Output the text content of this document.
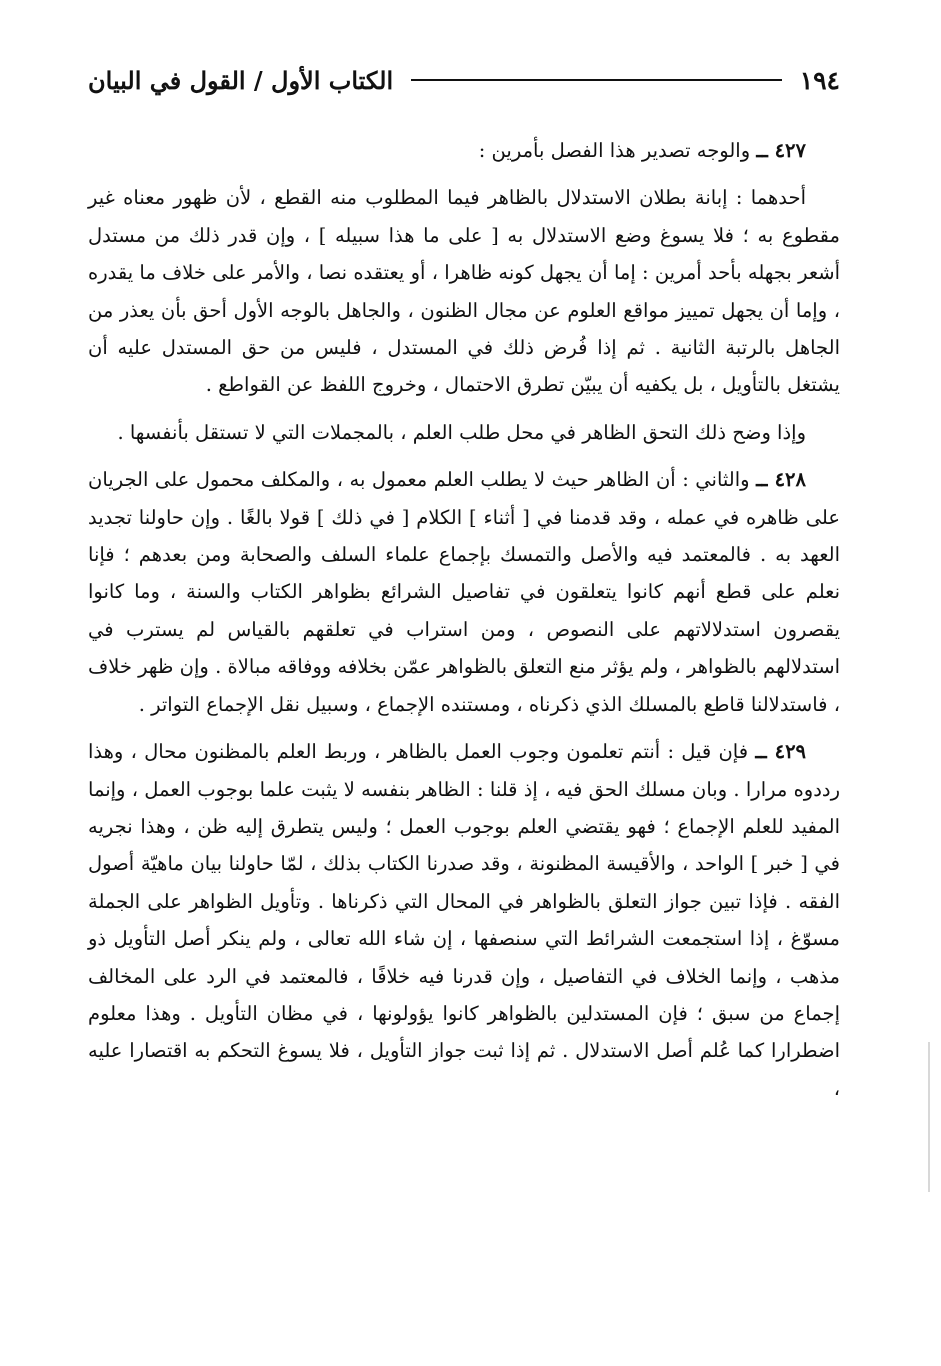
١٩٤
الكتاب الأول / القول في البيان

٤٢٧ ــ والوجه تصدير هذا الفصل بأمرين :

أحدهما : إبانة بطلان الاستدلال بالظاهر فيما المطلوب منه القطع ، لأن ظهور معناه غير مقطوع به ؛ فلا يسوغ وضع الاستدلال به [ على ما هذا سبيله ] ، وإن قدر ذلك من مستدل أشعر بجهله بأحد أمرين : إما أن يجهل كونه ظاهرا ، أو يعتقده نصا ، والأمر على خلاف ما يقدره ، وإما أن يجهل تمييز مواقع العلوم عن مجال الظنون ، والجاهل بالوجه الأول أحق بأن يعذر من الجاهل بالرتبة الثانية . ثم إذا فُرض ذلك في المستدل ، فليس من حق المستدل عليه أن يشتغل بالتأويل ، بل يكفيه أن يبيّن تطرق الاحتمال ، وخروج اللفظ عن القواطع .

وإذا وضح ذلك التحق الظاهر في محل طلب العلم ، بالمجملات التي لا تستقل بأنفسها .

٤٢٨ ــ والثاني : أن الظاهر حيث لا يطلب العلم معمول به ، والمكلف محمول على الجريان على ظاهره في عمله ، وقد قدمنا في [ أثناء ] الكلام [ في ذلك ] قولا بالغًا . وإن حاولنا تجديد العهد به . فالمعتمد فيه والأصل والتمسك بإجماع علماء السلف والصحابة ومن بعدهم ؛ فإنا نعلم على قطع أنهم كانوا يتعلقون في تفاصيل الشرائع بظواهر الكتاب والسنة ، وما كانوا يقصرون استدلالاتهم على النصوص ، ومن استراب في تعلقهم بالقياس لم يسترب في استدلالهم بالظواهر ، ولم يؤثر منع التعلق بالظواهر عمّن بخلافه ووفاقه مبالاة . وإن ظهر خلاف ، فاستدلالنا قاطع بالمسلك الذي ذكرناه ، ومستنده الإجماع ، وسبيل نقل الإجماع التواتر .

٤٢٩ ــ فإن قيل : أنتم تعلمون وجوب العمل بالظاهر ، وربط العلم بالمظنون محال ، وهذا رددوه مرارا . وبان مسلك الحق فيه ، إذ قلنا : الظاهر بنفسه لا يثبت علما بوجوب العمل ، وإنما المفيد للعلم الإجماع ؛ فهو يقتضي العلم بوجوب العمل ؛ وليس يتطرق إليه ظن ، وهذا نجريه في [ خبر ] الواحد ، والأقيسة المظنونة ، وقد صدرنا الكتاب بذلك ، لمّا حاولنا بيان ماهيّة أصول الفقه . فإذا تبين جواز التعلق بالظواهر في المحال التي ذكرناها . وتأويل الظواهر على الجملة مسوّغ ، إذا استجمعت الشرائط التي سنصفها ، إن شاء الله تعالى ، ولم ينكر أصل التأويل ذو مذهب ، وإنما الخلاف في التفاصيل ، وإن قدرنا فيه خلافًا ، فالمعتمد في الرد على المخالف إجماع من سبق ؛ فإن المستدلين بالظواهر كانوا يؤولونها ، في مظان التأويل . وهذا معلوم اضطرارا كما عُلم أصل الاستدلال . ثم إذا ثبت جواز التأويل ، فلا يسوغ التحكم به اقتصارا عليه ،
